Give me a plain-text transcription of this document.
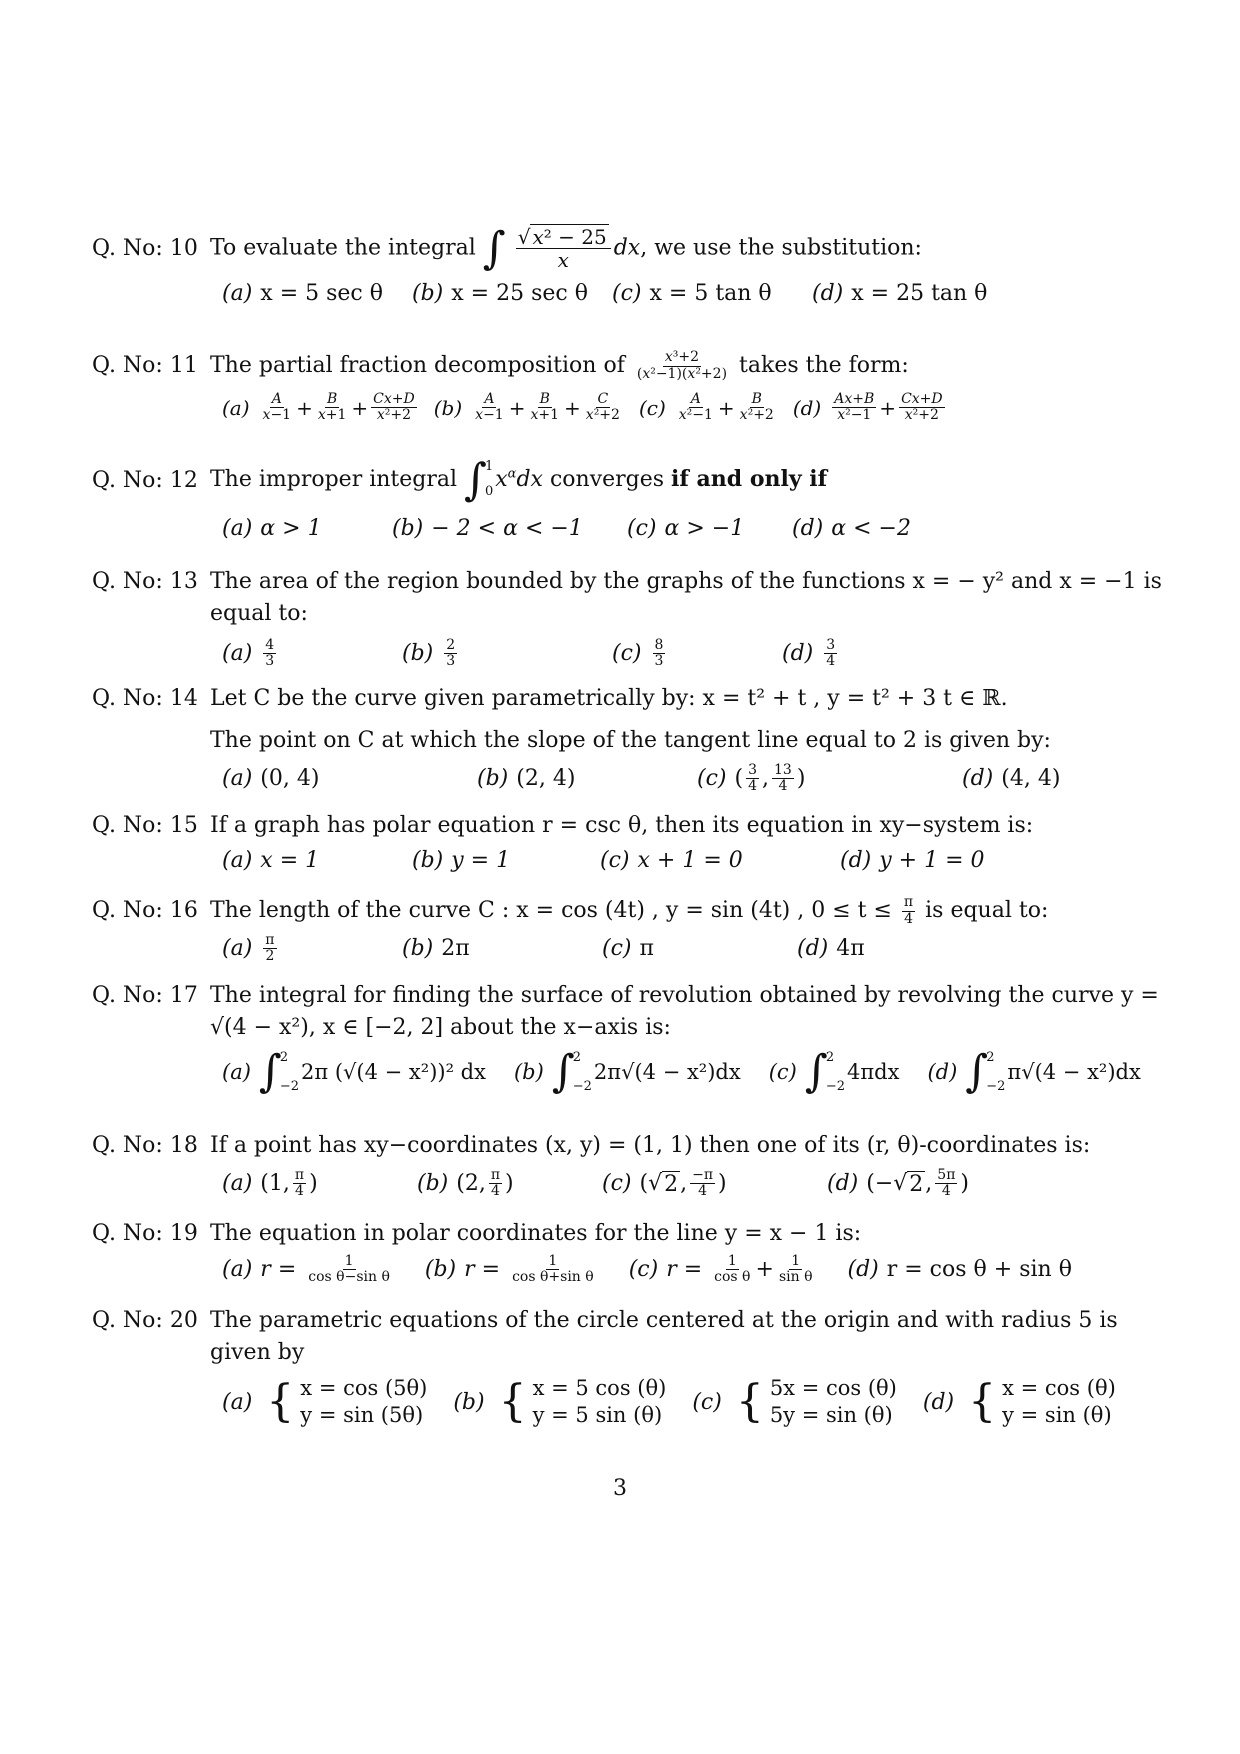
Q. No: 10 To evaluate the integral ∫ $\frac{\text{√ x² − 25}}{x}$ dx, we use the substitution:
(a) x = 5 sec θ (b) x = 25 sec θ (c) x = 5 tan θ (d) x = 25 tan θ
Q. No: 11 The partial fraction decomposition of $\frac{\text{x³+2}}{\text{(x²−1)(x²+2)}}$ takes the form:
$(a) \frac{A}{x-1} + \frac{B}{x+1} + \frac{Cx+D}{\text{x²+2}} (b) \frac{A}{x-1} + \frac{B}{x+1} + \frac{C}{\text{x²+2}} (c) \frac{A}{\text{x²−1}} + \frac{B}{\text{x²+2}} (d) \frac{Ax+B}{\text{x²−1}} + \frac{Cx+D}{\text{x²+2}}$
Q. No: 12 The improper integral ∫
1
0 $x^\alpha dx$ converges if and only if
(a) α > 1	(b) − 2 < α < −1 (c) α > −1 (d) α < −2
Q. No: 13 The area of the region bounded by the graphs of the functions x = − y² and x = −1 is equal to:
$(a) \frac{4}{3}$	$(b) \frac{2}{3}$	$(c) \frac{8}{3}$	$(d) \frac{3}{4}$
Q. No: 14 Let C be the curve given parametrically by: x = t² + t , y = t² + 3 t ∈ ℝ.
The point on C at which the slope of the tangent line equal to 2 is given by:
(a) (0, 4)	(b) (2, 4)	(c) ( $\frac{3}{4}$ , $\frac{13}{4}$ )	(d) (4, 4)
Q. No: 15 If a graph has polar equation r = csc θ, then its equation in xy−system is:
(a) x = 1	(b) y = 1	(c) x + 1 = 0	(d) y + 1 = 0
Q. No: 16 The length of the curve C : x = cos (4t) , y = sin (4t) , $0 \le t \le \frac{\pi}{4}$ is equal to:
$(a) \frac{\pi}{2}$	(b) 2π	(c) π	(d) 4π
Q. No: 17 The integral for finding the surface of revolution obtained by revolving the curve y = √(4 − x²), x ∈ [−2, 2] about the x−axis is:
(a) ∫
2
−2
2π (√(4 − x²))² dx (b) ∫
2
−2
2π√(4 − x²)dx (c) ∫
2
−2
4πdx (d) ∫
2
−2
π√(4 − x²)dx
Q. No: 18 If a point has xy−coordinates (x, y) = (1, 1) then one of its (r, θ)-coordinates is:
(a) (1, $\frac{\pi}{4}$ )	(b) (2, $\frac{\pi}{4}$ )	(c) (√ 2 , $\frac{-\pi}{4}$ )	(d) (−√ 2 , $\frac{5\pi}{4}$ )
Q. No: 19 The equation in polar coordinates for the line y = x − 1 is:
(a) $r = \frac{1}{\text{cos θ−sin θ}} (b) r = \frac{1}{\text{cos θ+sin θ}} (c) r = \frac{1}{\text{cos θ}} + \frac{1}{\text{sin θ}} (d) r = \cos \theta + \sin \theta$
Q. No: 20 The parametric equations of the circle centered at the origin and with radius 5 is given by
(a) { x = cos (5θ)
y = sin (5θ)
(b) { x = 5 cos (θ)
y = 5 sin (θ)
(c) { 5x = cos (θ)
5y = sin (θ)
(d) { x = cos (θ)
y = sin (θ)
3
